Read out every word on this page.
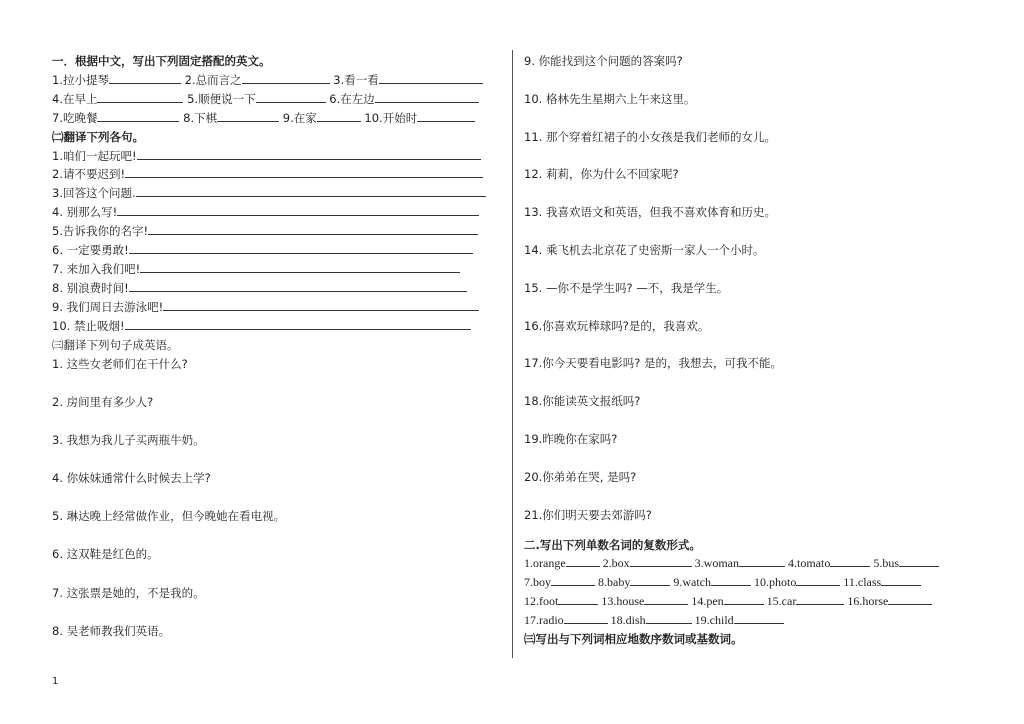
一．根据中文，写出下列固定搭配的英文。
1.拉小提琴	2.总而言之	3.看一看
4.在早上	5.顺便说一下	6.在左边
7.吃晚餐	8.下棋	9.在家	10.开始时
㈡翻译下列各句。
1.咱们一起玩吧!
2.请不要迟到!
3.回答这个问题.
4. 别那么写!
5.告诉我你的名字!
6. 一定要勇敢!
7. 来加入我们吧!
8. 别浪费时间!
9. 我们周日去游泳吧!
10. 禁止吸烟!
㈢翻译下列句子成英语。
1. 这些女老师们在干什么?
2. 房间里有多少人?
3. 我想为我儿子买两瓶牛奶。
4. 你妹妹通常什么时候去上学?
5. 琳达晚上经常做作业，但今晚她在看电视。
6. 这双鞋是红色的。
7. 这张票是她的，不是我的。
8. 吴老师教我们英语。
9. 你能找到这个问题的答案吗?
10. 格林先生星期六上午来这里。
11. 那个穿着红裙子的小女孩是我们老师的女儿。
12. 莉莉，你为什么不回家呢?
13. 我喜欢语文和英语，但我不喜欢体育和历史。
14. 乘飞机去北京花了史密斯一家人一个小时。
15. —你不是学生吗? —不，我是学生。
16.你喜欢玩棒球吗?是的，我喜欢。
17.你今天要看电影吗? 是的，我想去，可我不能。
18.你能读英文报纸吗?
19.昨晚你在家吗?
20.你弟弟在哭, 是吗?
21.你们明天要去郊游吗?
二.写出下列单数名词的复数形式。
1.orange	2.box	3.woman	4.tomato	5.bus
7.boy	8.baby	9.watch	10.photo	11.class
12.foot	13.house	14.pen	15.car	16.horse
17.radio	18.dish	19.child
㈢写出与下列词相应地数序数词或基数词。
1
